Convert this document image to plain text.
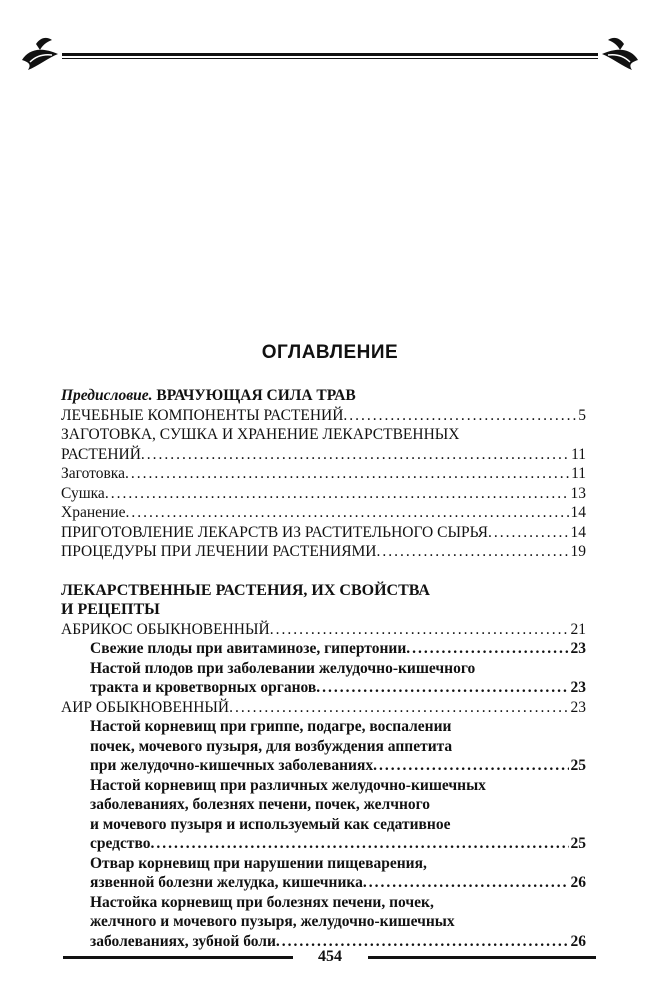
ОГЛАВЛЕНИЕ
Предисловие. ВРАЧУЮЩАЯ СИЛА ТРАВ
ЛЕЧЕБНЫЕ КОМПОНЕНТЫ РАСТЕНИЙ .....	5
ЗАГОТОВКА, СУШКА И ХРАНЕНИЕ ЛЕКАРСТВЕННЫХ
РАСТЕНИЙ .....	11
Заготовка .....	11
Сушка .....	13
Хранение .....	14
ПРИГОТОВЛЕНИЕ ЛЕКАРСТВ ИЗ РАСТИТЕЛЬНОГО СЫРЬЯ .....	14
ПРОЦЕДУРЫ ПРИ ЛЕЧЕНИИ РАСТЕНИЯМИ .....	19
ЛЕКАРСТВЕННЫЕ РАСТЕНИЯ, ИХ СВОЙСТВА
И РЕЦЕПТЫ
АБРИКОС ОБЫКНОВЕННЫЙ .....	21
Свежие плоды при авитаминозе, гипертонии .....	23
Настой плодов при заболевании желудочно-кишечного
тракта и кроветворных органов .....	23
АИР ОБЫКНОВЕННЫЙ .....	23
Настой корневищ при гриппе, подагре, воспалении
почек, мочевого пузыря, для возбуждения аппетита
при желудочно-кишечных заболеваниях .....	25
Настой корневищ при различных желудочно-кишечных
заболеваниях, болезнях печени, почек, желчного
и мочевого пузыря и используемый как седативное
средство .....	25
Отвар корневищ при нарушении пищеварения,
язвенной болезни желудка, кишечника .....	26
Настойка корневищ при болезнях печени, почек,
желчного и мочевого пузыря, желудочно-кишечных
заболеваниях, зубной боли .....	26
454
